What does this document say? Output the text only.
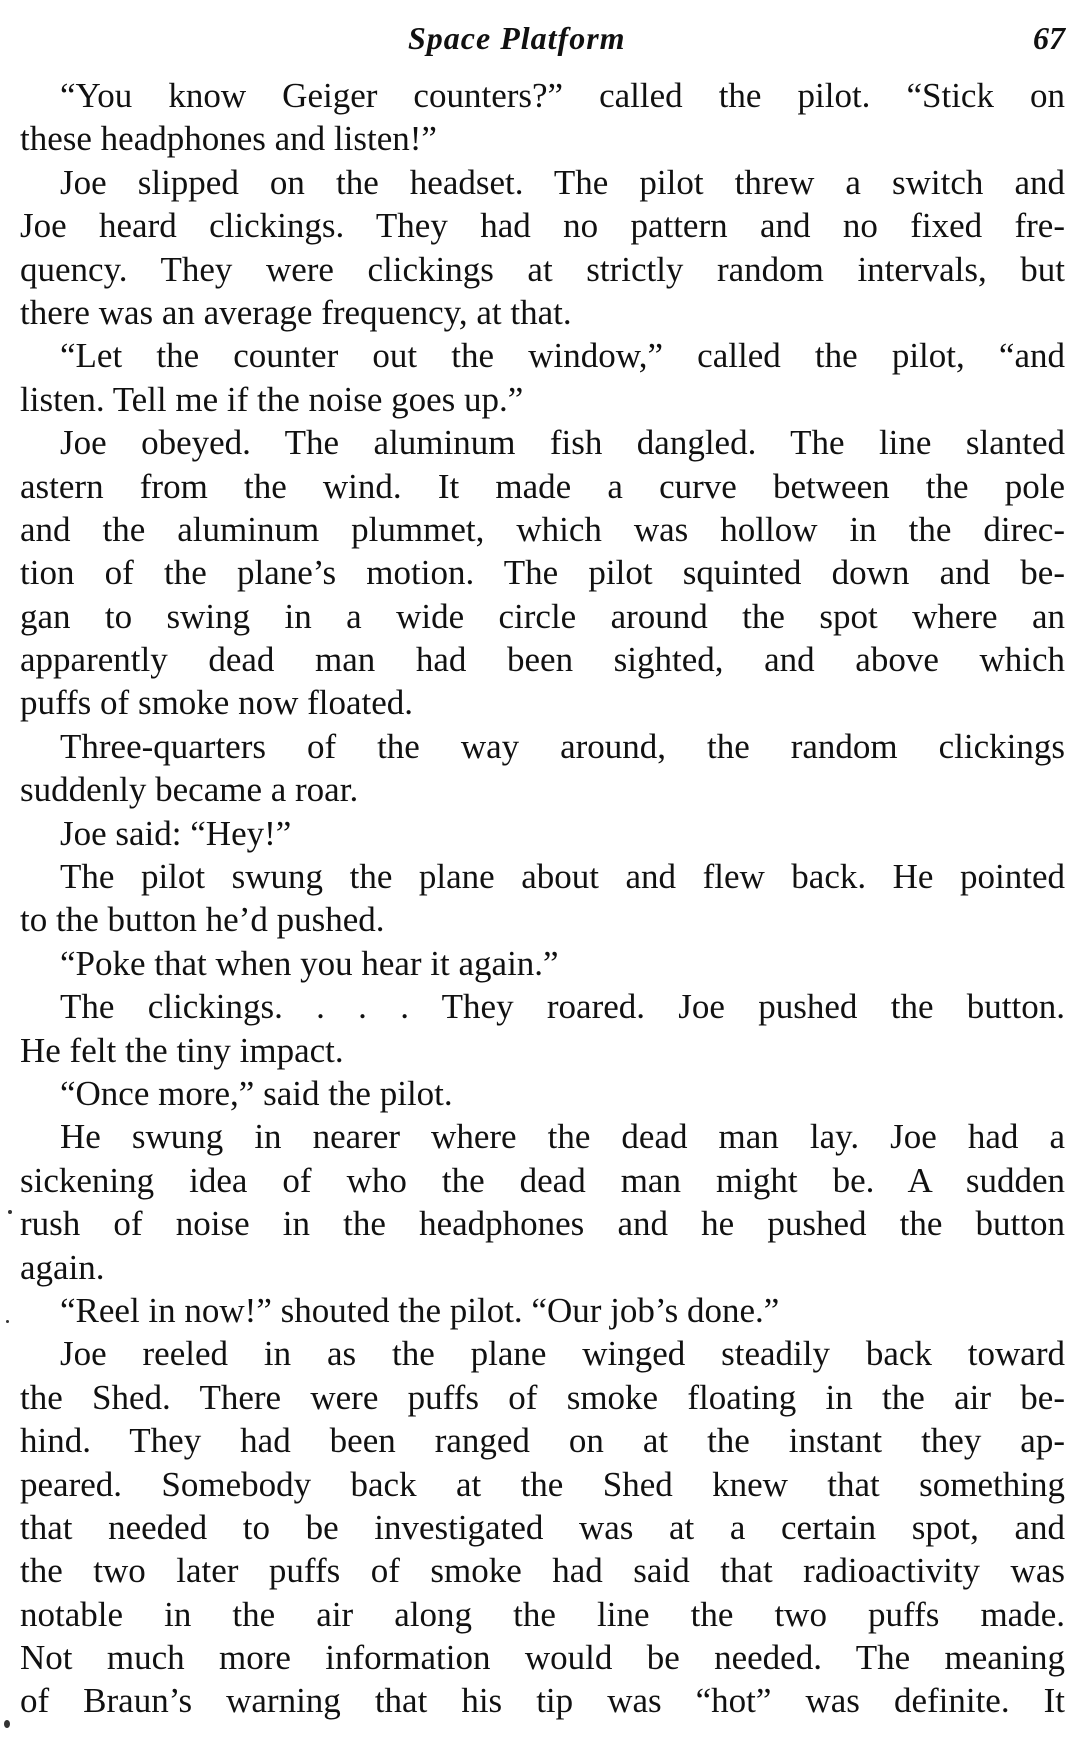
Space Platform	67
“You know Geiger counters?” called the pilot. “Stick on
these headphones and listen!”
Joe slipped on the headset. The pilot threw a switch and
Joe heard clickings. They had no pattern and no fixed fre-
quency. They were clickings at strictly random intervals, but
there was an average frequency, at that.
“Let the counter out the window,” called the pilot, “and
listen. Tell me if the noise goes up.”
Joe obeyed. The aluminum fish dangled. The line slanted
astern from the wind. It made a curve between the pole
and the aluminum plummet, which was hollow in the direc-
tion of the plane’s motion. The pilot squinted down and be-
gan to swing in a wide circle around the spot where an
apparently dead man had been sighted, and above which
puffs of smoke now floated.
Three-quarters of the way around, the random clickings
suddenly became a roar.
Joe said: “Hey!”
The pilot swung the plane about and flew back. He pointed
to the button he’d pushed.
“Poke that when you hear it again.”
The clickings. . . . They roared. Joe pushed the button.
He felt the tiny impact.
“Once more,” said the pilot.
He swung in nearer where the dead man lay. Joe had a
sickening idea of who the dead man might be. A sudden
rush of noise in the headphones and he pushed the button
again.
“Reel in now!” shouted the pilot. “Our job’s done.”
Joe reeled in as the plane winged steadily back toward
the Shed. There were puffs of smoke floating in the air be-
hind. They had been ranged on at the instant they ap-
peared. Somebody back at the Shed knew that something
that needed to be investigated was at a certain spot, and
the two later puffs of smoke had said that radioactivity was
notable in the air along the line the two puffs made.
Not much more information would be needed. The meaning
of Braun’s warning that his tip was “hot” was definite. It
